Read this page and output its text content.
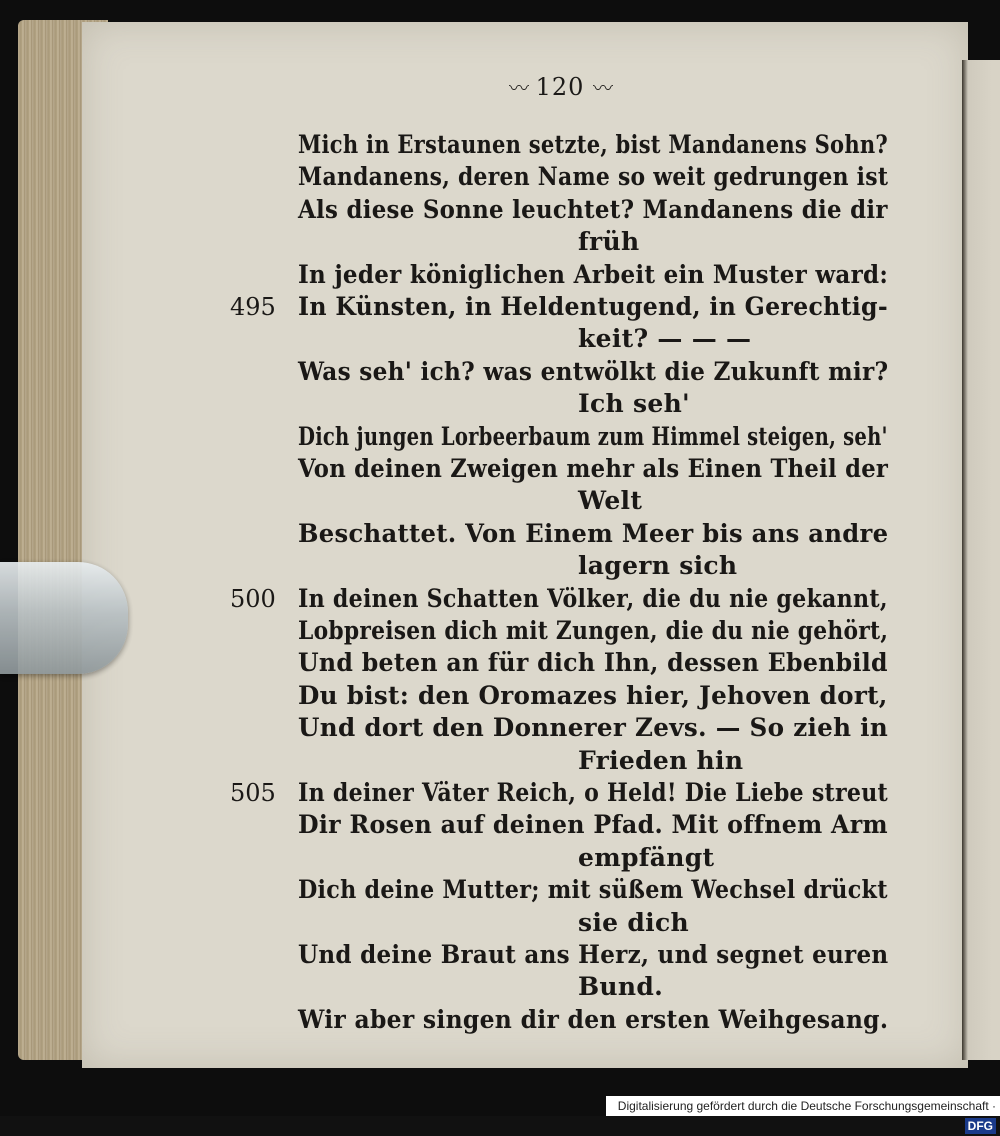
〰 120 〰
Mich in Erstaunen setzte, bist Mandanens Sohn?
Mandanens, deren Name so weit gedrungen ist
Als diese Sonne leuchtet? Mandanens die dir
früh
In jeder königlichen Arbeit ein Muster ward:
In Künsten, in Heldentugend, in Gerechtig-
495
keit? — — —
Was seh' ich? was entwölkt die Zukunft mir?
Ich seh'
Dich jungen Lorbeerbaum zum Himmel steigen, seh'
Von deinen Zweigen mehr als Einen Theil der
Welt
Beschattet. Von Einem Meer bis ans andre
lagern sich
In deinen Schatten Völker, die du nie gekannt,
500
Lobpreisen dich mit Zungen, die du nie gehört,
Und beten an für dich Ihn, dessen Ebenbild
Du bist: den Oromazes hier, Jehoven dort,
Und dort den Donnerer Zevs. — So zieh in
Frieden hin
In deiner Väter Reich, o Held! Die Liebe streut
505
Dir Rosen auf deinen Pfad. Mit offnem Arm
empfängt
Dich deine Mutter; mit süßem Wechsel drückt
sie dich
Und deine Braut ans Herz, und segnet euren
Bund.
Wir aber singen dir den ersten Weihgesang.
Digitalisierung gefördert durch die Deutsche Forschungsgemeinschaft ·DFG
